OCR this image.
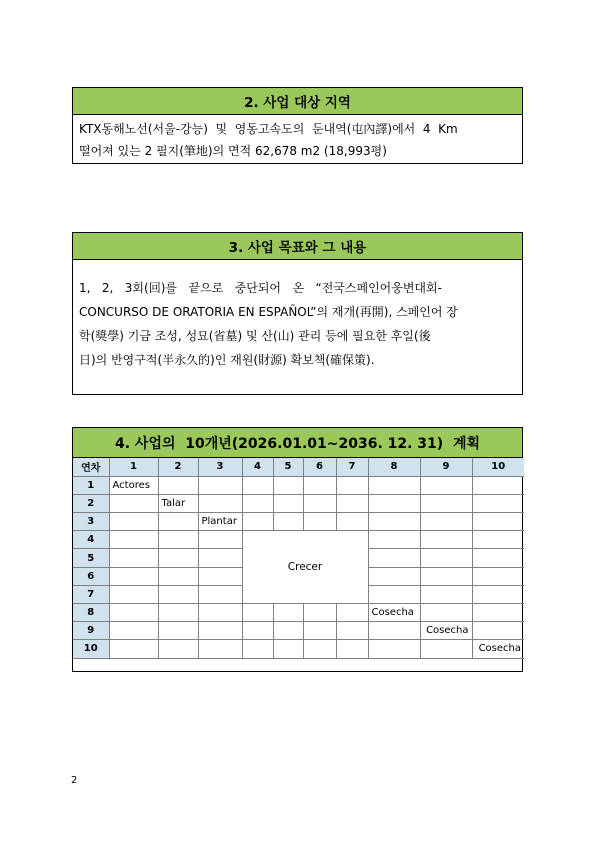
2. 사업 대상 지역
KTX동해노선(서울-강능)  및  영동고속도의  둔내역(屯內譯)에서  4  Km
떨어져 있는 2 필지(筆地)의 면적 62,678 m2 (18,993평)
3. 사업 목표와 그 내용
1,   2,   3회(回)를   끝으로   중단되어   온   “전국스페인어웅변대회-
CONCURSO DE ORATORIA EN ESPAÑOL”의 재개(再開), 스페인어 장
학(獎學) 기금 조성, 성묘(省墓) 및 산(山) 관리 등에 필요한 후일(後
日)의 반영구적(半永久的)인 재원(財源) 확보책(確保策).
4. 사업의  10개년(2026.01.01~2036. 12. 31)  계획
연차	1	2	3	4	5	6	7	8	9	10
1	Actores									
2		Talar								
3			Plantar							
4				Crecer						
5										
6										
7										
8								Cosecha		
9									Cosecha	
10										Cosecha
2
